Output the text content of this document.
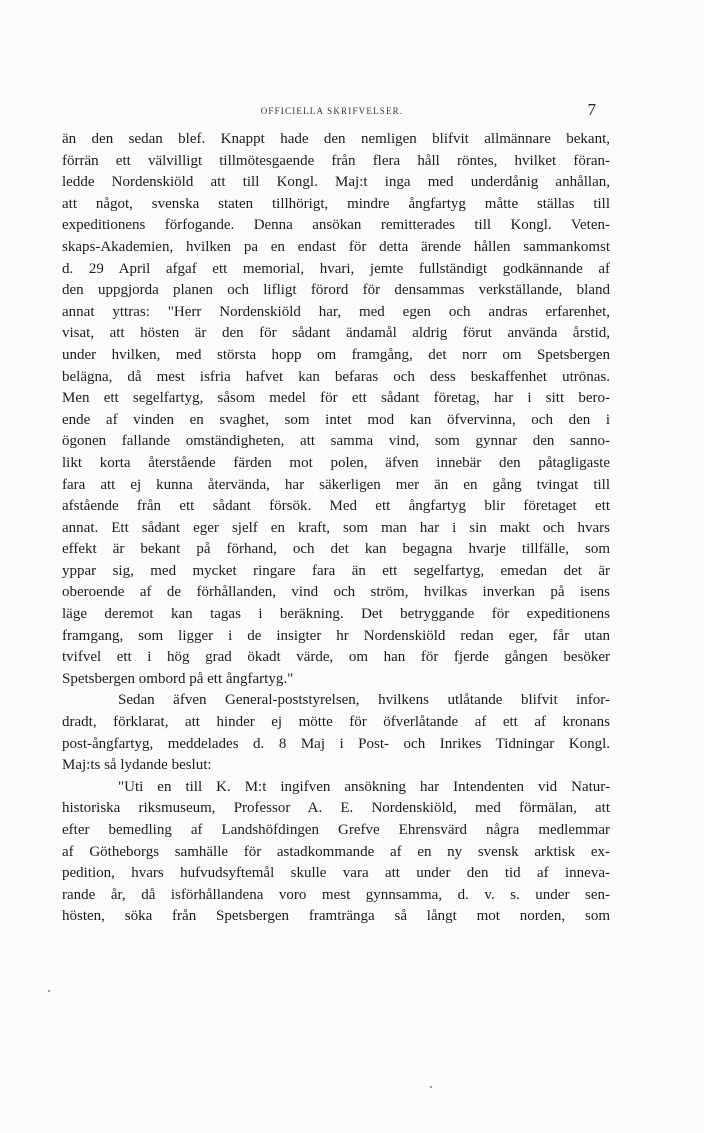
OFFICIELLA SKRIFVELSER.	7
än den sedan blef. Knappt hade den nemligen blifvit allmännare bekant,
förrän ett välvilligt tillmötesgaende från flera håll röntes, hvilket föran-
ledde Nordenskiöld att till Kongl. Maj:t inga med underdånig anhållan,
att något, svenska staten tillhörigt, mindre ångfartyg måtte ställas till
expeditionens förfogande. Denna ansökan remitterades till Kongl. Veten-
skaps-Akademien, hvilken pa en endast för detta ärende hållen sammankomst
d. 29 April afgaf ett memorial, hvari, jemte fullständigt godkännande af
den uppgjorda planen och lifligt förord för densammas verkställande, bland
annat yttras: "Herr Nordenskiöld har, med egen och andras erfarenhet,
visat, att hösten är den för sådant ändamål aldrig förut använda årstid,
under hvilken, med största hopp om framgång, det norr om Spetsbergen
belägna, då mest isfria hafvet kan befaras och dess beskaffenhet utrönas.
Men ett segelfartyg, såsom medel för ett sådant företag, har i sitt bero-
ende af vinden en svaghet, som intet mod kan öfvervinna, och den i
ögonen fallande omständigheten, att samma vind, som gynnar den sanno-
likt korta återstående färden mot polen, äfven innebär den påtagligaste
fara att ej kunna återvända, har säkerligen mer än en gång tvingat till
afstående från ett sådant försök. Med ett ångfartyg blir företaget ett
annat. Ett sådant eger sjelf en kraft, som man har i sin makt och hvars
effekt är bekant på förhand, och det kan begagna hvarje tillfälle, som
yppar sig, med mycket ringare fara än ett segelfartyg, emedan det är
oberoende af de förhållanden, vind och ström, hvilkas inverkan på isens
läge deremot kan tagas i beräkning. Det betryggande för expeditionens
framgang, som ligger i de insigter hr Nordenskiöld redan eger, får utan
tvifvel ett i hög grad ökadt värde, om han för fjerde gången besöker
Spetsbergen ombord på ett ångfartyg."
Sedan äfven General-poststyrelsen, hvilkens utlåtande blifvit infor-
dradt, förklarat, att hinder ej mötte för öfverlåtande af ett af kronans
post-ångfartyg, meddelades d. 8 Maj i Post- och Inrikes Tidningar Kongl.
Maj:ts så lydande beslut:
"Uti en till K. M:t ingifven ansökning har Intendenten vid Natur-
historiska riksmuseum, Professor A. E. Nordenskiöld, med förmälan, att
efter bemedling af Landshöfdingen Grefve Ehrensvärd några medlemmar
af Götheborgs samhälle för astadkommande af en ny svensk arktisk ex-
pedition, hvars hufvudsyftemål skulle vara att under den tid af inneva-
rande år, då isförhållandena voro mest gynnsamma, d. v. s. under sen-
hösten, söka från Spetsbergen framtränga så långt mot norden, som
